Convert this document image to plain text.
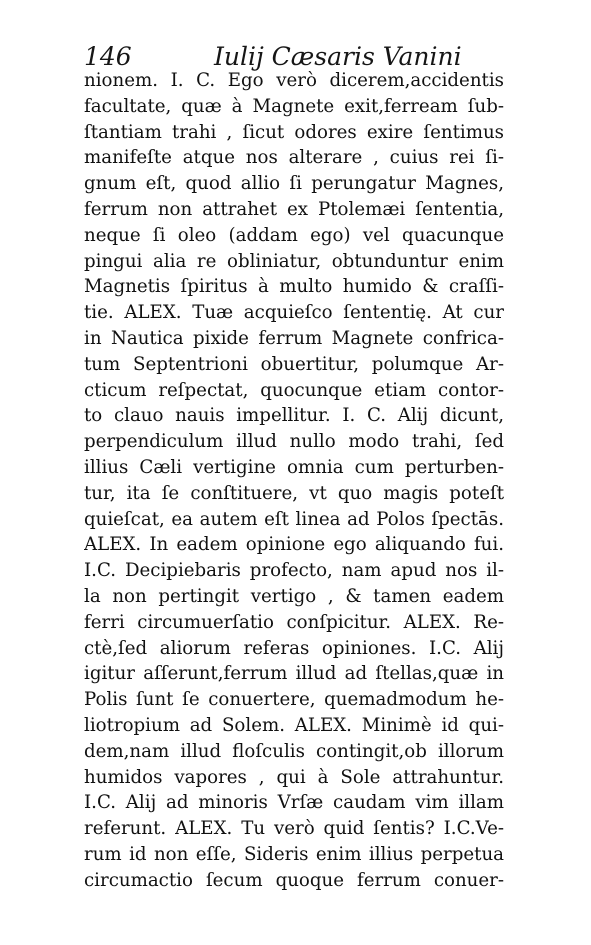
146	Iulij Cæsaris Vanini
nionem. I. C. Ego verò dicerem,accidentis
facultate, quæ à Magnete exit,ferream ſub-
ſtantiam trahi , ſicut odores exire ſentimus
manifeſte atque nos alterare , cuius rei ſi-
gnum eſt, quod allio ſi perungatur Magnes,
ferrum non attrahet ex Ptolemæi ſententia,
neque ſi oleo (addam ego) vel quacunque
pingui alia re obliniatur, obtunduntur enim
Magnetis ſpiritus à multo humido & craſſi-
tie. ALEX. Tuæ acquieſco ſententię. At cur
in Nautica pixide ferrum Magnete confrica-
tum Septentrioni obuertitur, polumque Ar-
cticum reſpectat, quocunque etiam contor-
to clauo nauis impellitur. I. C. Alij dicunt,
perpendiculum illud nullo modo trahi, ſed
illius Cæli vertigine omnia cum perturben-
tur, ita ſe conſtituere, vt quo magis poteſt
quieſcat, ea autem eſt linea ad Polos ſpectās.
ALEX. In eadem opinione ego aliquando fui.
I.C. Decipiebaris profecto, nam apud nos il-
la non pertingit vertigo , & tamen eadem
ferri circumuerſatio conſpicitur. ALEX. Re-
ctè,ſed aliorum referas opiniones. I.C. Alij
igitur aſſerunt,ferrum illud ad ſtellas,quæ in
Polis ſunt ſe conuertere, quemadmodum he-
liotropium ad Solem. ALEX. Minimè id qui-
dem,nam illud floſculis contingit,ob illorum
humidos vapores , qui à Sole attrahuntur.
I.C. Alij ad minoris Vrſæ caudam vim illam
referunt. ALEX. Tu verò quid ſentis? I.C.Ve-
rum id non eſſe, Sideris enim illius perpetua
circumactio ſecum quoque ferrum conuer-
